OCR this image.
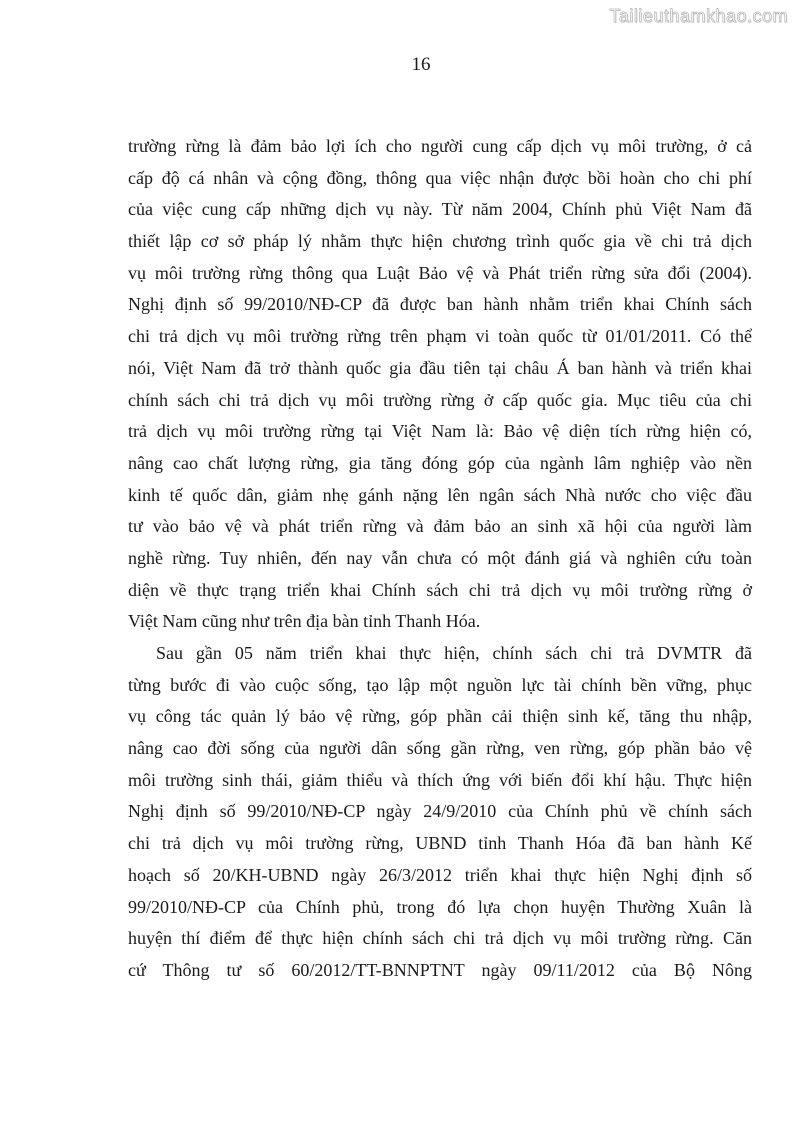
Tailieuthamkhao.com
16
trường rừng là đảm bảo lợi ích cho người cung cấp dịch vụ môi trường, ở cả
cấp độ cá nhân và cộng đồng, thông qua việc nhận được bồi hoàn cho chi phí
của việc cung cấp những dịch vụ này. Từ năm 2004, Chính phủ Việt Nam đã
thiết lập cơ sở pháp lý nhằm thực hiện chương trình quốc gia về chi trả dịch
vụ môi trường rừng thông qua Luật Bảo vệ và Phát triển rừng sửa đổi (2004).
Nghị định số 99/2010/NĐ-CP đã được ban hành nhằm triển khai Chính sách
chi trả dịch vụ môi trường rừng trên phạm vi toàn quốc từ 01/01/2011. Có thể
nói, Việt Nam đã trở thành quốc gia đầu tiên tại châu Á ban hành và triển khai
chính sách chi trả dịch vụ môi trường rừng ở cấp quốc gia. Mục tiêu của chi
trả dịch vụ môi trường rừng tại Việt Nam là: Bảo vệ diện tích rừng hiện có,
nâng cao chất lượng rừng, gia tăng đóng góp của ngành lâm nghiệp vào nền
kinh tế quốc dân, giảm nhẹ gánh nặng lên ngân sách Nhà nước cho việc đầu
tư vào bảo vệ và phát triển rừng và đảm bảo an sinh xã hội của người làm
nghề rừng. Tuy nhiên, đến nay vẫn chưa có một đánh giá và nghiên cứu toàn
diện về thực trạng triển khai Chính sách chi trả dịch vụ môi trường rừng ở
Việt Nam cũng như trên địa bàn tỉnh Thanh Hóa.
Sau gần 05 năm triển khai thực hiện, chính sách chi trả DVMTR đã
từng bước đi vào cuộc sống, tạo lập một nguồn lực tài chính bền vững, phục
vụ công tác quản lý bảo vệ rừng, góp phần cải thiện sinh kế, tăng thu nhập,
nâng cao đời sống của người dân sống gần rừng, ven rừng, góp phần bảo vệ
môi trường sinh thái, giảm thiểu và thích ứng với biến đổi khí hậu. Thực hiện
Nghị định số 99/2010/NĐ-CP ngày 24/9/2010 của Chính phủ về chính sách
chi trả dịch vụ môi trường rừng, UBND tỉnh Thanh Hóa đã ban hành Kế
hoạch số 20/KH-UBND ngày 26/3/2012 triển khai thực hiện Nghị định số
99/2010/NĐ-CP của Chính phủ, trong đó lựa chọn huyện Thường Xuân là
huyện thí điểm để thực hiện chính sách chi trả dịch vụ môi trường rừng. Căn
cứ Thông tư số 60/2012/TT-BNNPTNT ngày 09/11/2012 của Bộ Nông
